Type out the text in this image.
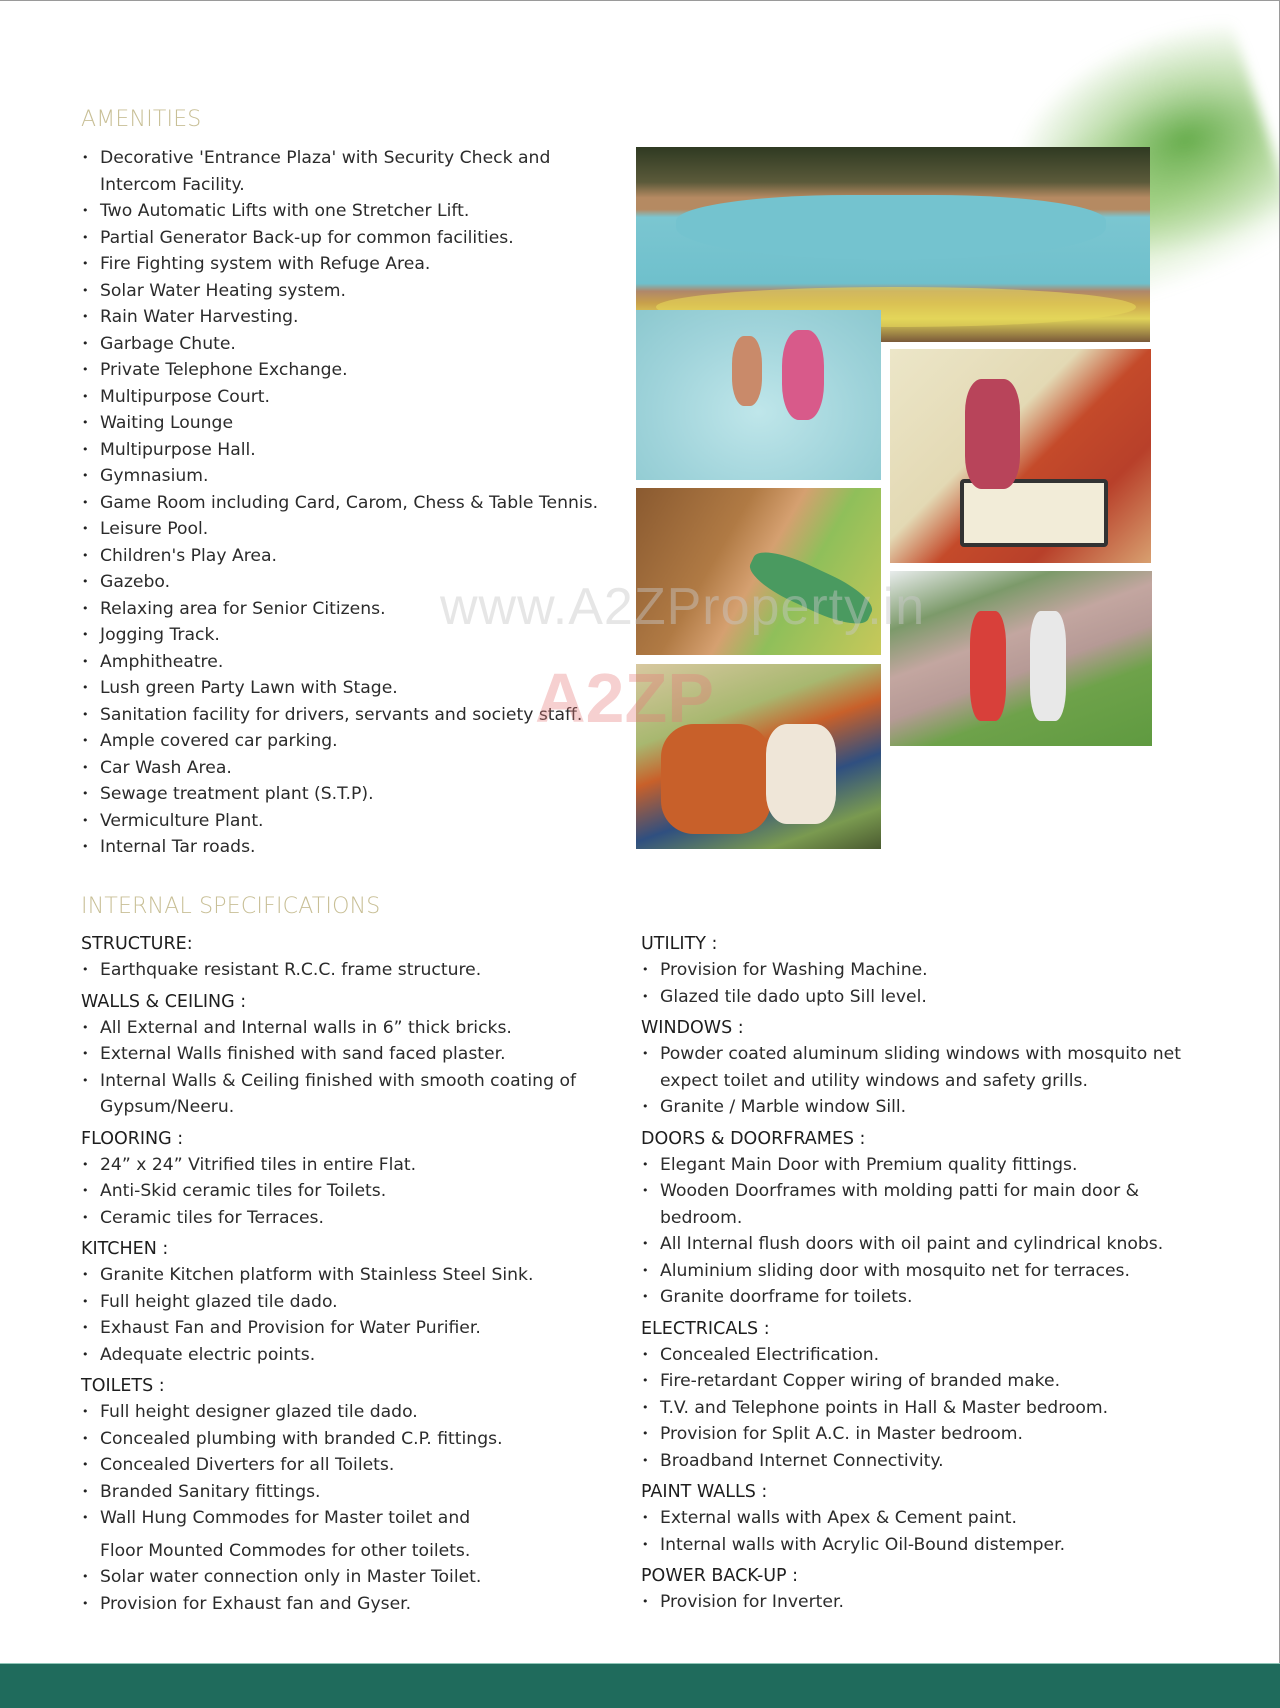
AMENITIES
• Decorative 'Entrance Plaza' with Security Check and
Intercom Facility.
• Two Automatic Lifts with one Stretcher Lift.
• Partial Generator Back-up for common facilities.
• Fire Fighting system with Refuge Area.
• Solar Water Heating system.
• Rain Water Harvesting.
• Garbage Chute.
• Private Telephone Exchange.
• Multipurpose Court.
• Waiting Lounge
• Multipurpose Hall.
• Gymnasium.
• Game Room including Card, Carom, Chess & Table Tennis.
• Leisure Pool.
• Children's Play Area.
• Gazebo.
• Relaxing area for Senior Citizens.
• Jogging Track.
• Amphitheatre.
• Lush green Party Lawn with Stage.
• Sanitation facility for drivers, servants and society staff.
• Ample covered car parking.
• Car Wash Area.
• Sewage treatment plant (S.T.P).
• Vermiculture Plant.
• Internal Tar roads.
www.A2ZProperty.in
A2ZP
INTERNAL SPECIFICATIONS
STRUCTURE:
• Earthquake resistant R.C.C. frame structure.
WALLS & CEILING :
• All External and Internal walls in 6” thick bricks.
• External Walls finished with sand faced plaster.
• Internal Walls & Ceiling finished with smooth coating of
Gypsum/Neeru.
FLOORING :
• 24” x 24” Vitrified tiles in entire Flat.
• Anti-Skid ceramic tiles for Toilets.
• Ceramic tiles for Terraces.
KITCHEN :
• Granite Kitchen platform with Stainless Steel Sink.
• Full height glazed tile dado.
• Exhaust Fan and Provision for Water Purifier.
• Adequate electric points.
TOILETS :
• Full height designer glazed tile dado.
• Concealed plumbing with branded C.P. fittings.
• Concealed Diverters for all Toilets.
• Branded Sanitary fittings.
• Wall Hung Commodes for Master toilet and
Floor Mounted Commodes for other toilets.
• Solar water connection only in Master Toilet.
• Provision for Exhaust fan and Gyser.
UTILITY :
• Provision for Washing Machine.
• Glazed tile dado upto Sill level.
WINDOWS :
• Powder coated aluminum sliding windows with mosquito net
expect toilet and utility windows and safety grills.
• Granite / Marble window Sill.
DOORS & DOORFRAMES :
• Elegant Main Door with Premium quality fittings.
• Wooden Doorframes with molding patti for main door &
bedroom.
• All Internal flush doors with oil paint and cylindrical knobs.
• Aluminium sliding door with mosquito net for terraces.
• Granite doorframe for toilets.
ELECTRICALS :
• Concealed Electrification.
• Fire-retardant Copper wiring of branded make.
• T.V. and Telephone points in Hall & Master bedroom.
• Provision for Split A.C. in Master bedroom.
• Broadband Internet Connectivity.
PAINT WALLS :
• External walls with Apex & Cement paint.
• Internal walls with Acrylic Oil-Bound distemper.
POWER BACK-UP :
• Provision for Inverter.
